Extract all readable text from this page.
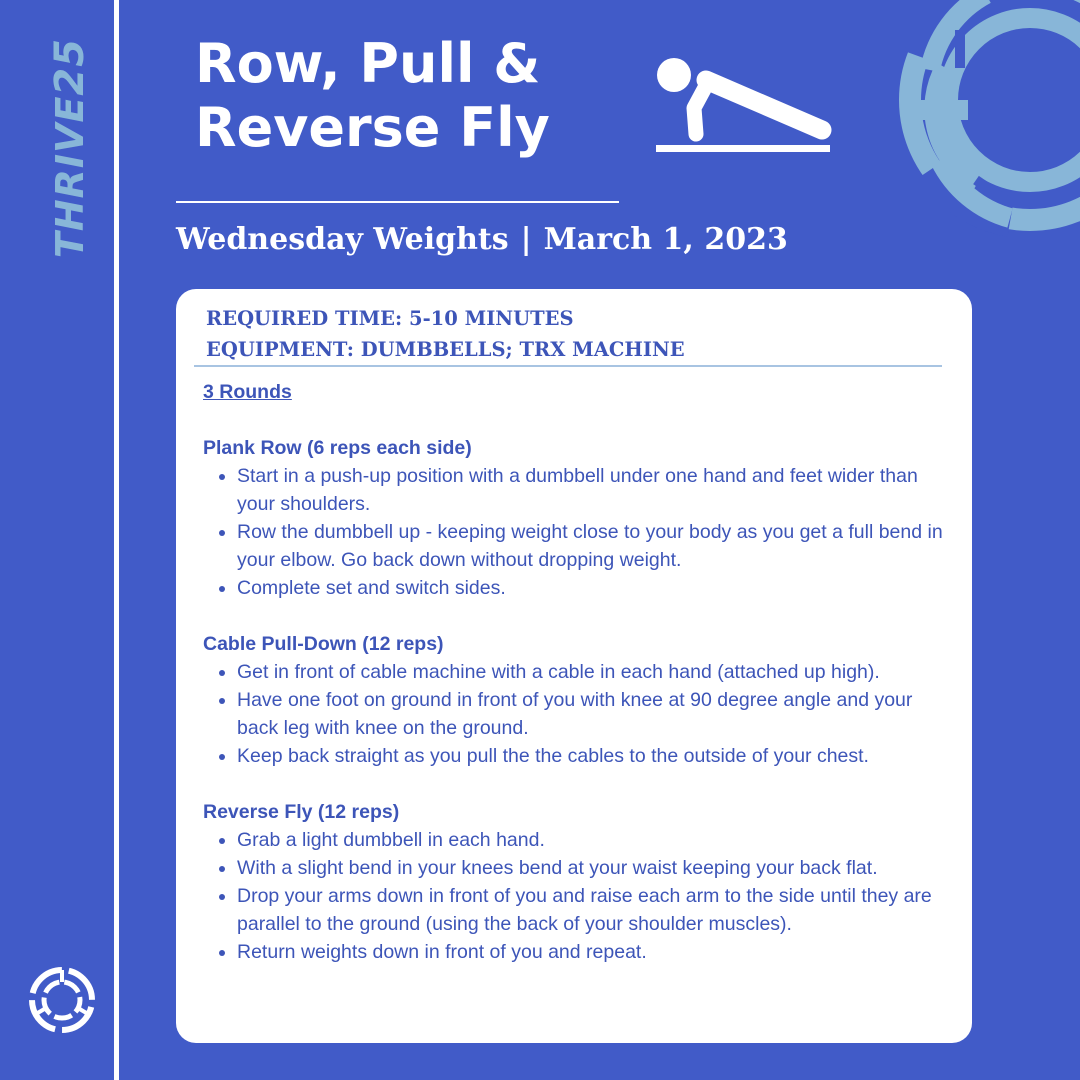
THRIVE25 Row, Pull &
Reverse Fly
Wednesday Weights | March 1, 2023
REQUIRED TIME: 5-10 MINUTES
EQUIPMENT: DUMBBELLS; TRX MACHINE
3 Rounds
Plank Row (6 reps each side)
• Start in a push-up position with a dumbbell under one hand and feet wider than your shoulders.
• Row the dumbbell up - keeping weight close to your body as you get a full bend in your elbow. Go back down without dropping weight.
• Complete set and switch sides.
Cable Pull-Down (12 reps)
• Get in front of cable machine with a cable in each hand (attached up high).
• Have one foot on ground in front of you with knee at 90 degree angle and your back leg with knee on the ground.
• Keep back straight as you pull the the cables to the outside of your chest.
Reverse Fly (12 reps)
• Grab a light dumbbell in each hand.
• With a slight bend in your knees bend at your waist keeping your back flat.
• Drop your arms down in front of you and raise each arm to the side until they are parallel to the ground (using the back of your shoulder muscles).
• Return weights down in front of you and repeat.
